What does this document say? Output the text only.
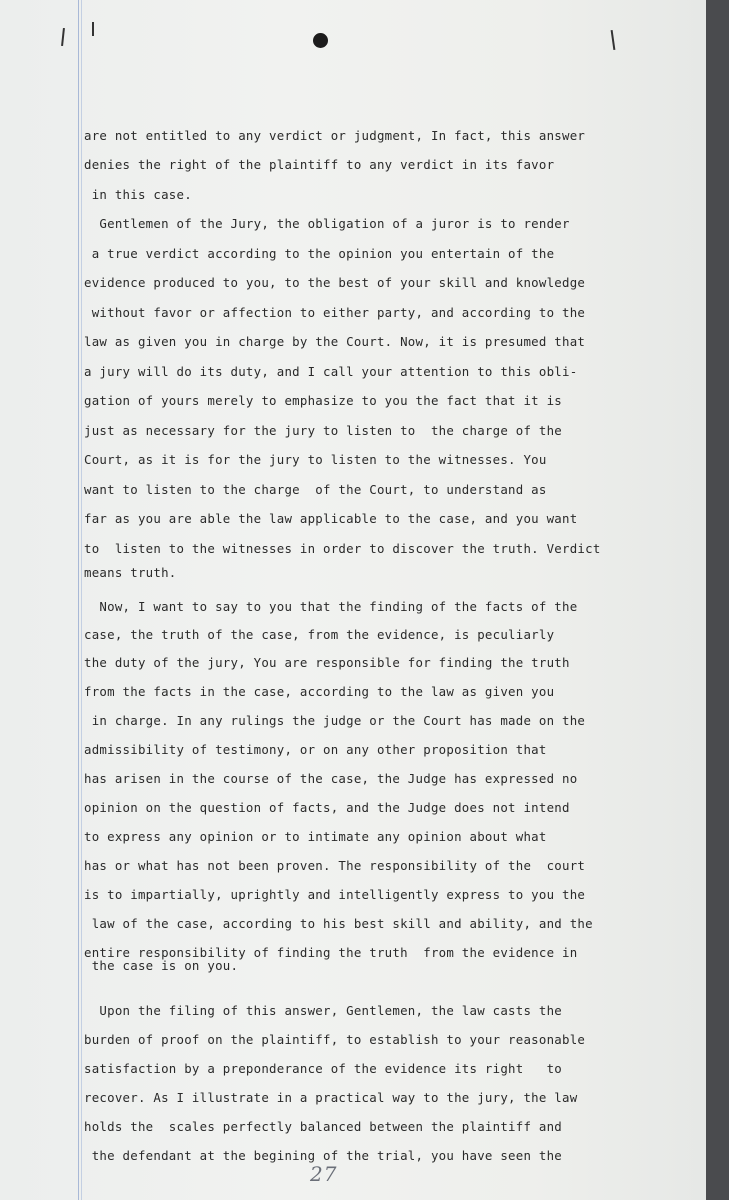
are not entitled to any verdict or judgment, In fact, this answer
denies the right of the plaintiff to any verdict in its favor
in this case.
Gentlemen of the Jury, the obligation of a juror is to render
a true verdict according to the opinion you entertain of the
evidence produced to you, to the best of your skill and knowledge
without favor or affection to either party, and according to the
law as given you in charge by the Court. Now, it is presumed that
a jury will do its duty, and I call your attention to this obli-
gation of yours merely to emphasize to you the fact that it is
just as necessary for the jury to listen to  the charge of the
Court, as it is for the jury to listen to the witnesses. You
want to listen to the charge  of the Court, to understand as
far as you are able the law applicable to the case, and you want
to  listen to the witnesses in order to discover the truth. Verdict
means truth.
Now, I want to say to you that the finding of the facts of the
case, the truth of the case, from the evidence, is peculiarly
the duty of the jury, You are responsible for finding the truth
from the facts in the case, according to the law as given you
in charge. In any rulings the judge or the Court has made on the
admissibility of testimony, or on any other proposition that
has arisen in the course of the case, the Judge has expressed no
opinion on the question of facts, and the Judge does not intend
to express any opinion or to intimate any opinion about what
has or what has not been proven. The responsibility of the  court
is to impartially, uprightly and intelligently express to you the
law of the case, according to his best skill and ability, and the
entire responsibility of finding the truth  from the evidence in
the case is on you.
Upon the filing of this answer, Gentlemen, the law casts the
burden of proof on the plaintiff, to establish to your reasonable
satisfaction by a preponderance of the evidence its right   to
recover. As I illustrate in a practical way to the jury, the law
holds the  scales perfectly balanced between the plaintiff and
the defendant at the begining of the trial, you have seen the
27
